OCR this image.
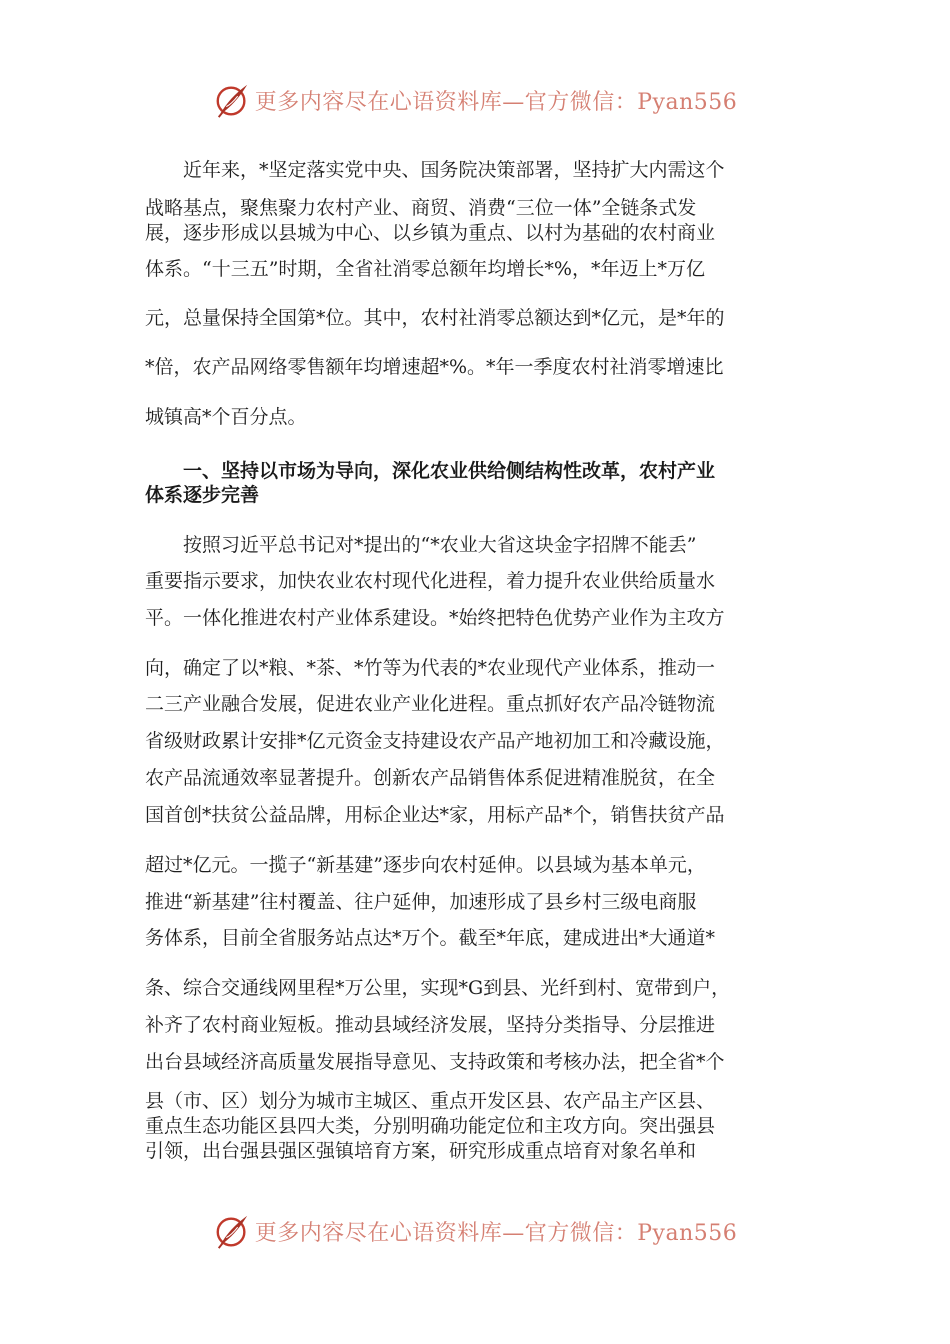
更多内容尽在心语资料库—官方微信：Pyan556
近年来，*坚定落实党中央、国务院决策部署，坚持扩大内需这个
战略基点，聚焦聚力农村产业、商贸、消费“三位一体”全链条式发
展，逐步形成以县城为中心、以乡镇为重点、以村为基础的农村商业
体系。“十三五”时期，全省社消零总额年均增长*%，*年迈上*万亿
元，总量保持全国第*位。其中，农村社消零总额达到*亿元，是*年的
*倍，农产品网络零售额年均增速超*%。*年一季度农村社消零增速比
城镇高*个百分点。
一、坚持以市场为导向，深化农业供给侧结构性改革，农村产业
体系逐步完善
按照习近平总书记对*提出的“*农业大省这块金字招牌不能丢”
重要指示要求，加快农业农村现代化进程，着力提升农业供给质量水
平。一体化推进农村产业体系建设。*始终把特色优势产业作为主攻方
向，确定了以*粮、*茶、*竹等为代表的*农业现代产业体系，推动一
二三产业融合发展，促进农业产业化进程。重点抓好农产品冷链物流
省级财政累计安排*亿元资金支持建设农产品产地初加工和冷藏设施，
农产品流通效率显著提升。创新农产品销售体系促进精准脱贫，在全
国首创*扶贫公益品牌，用标企业达*家，用标产品*个，销售扶贫产品
超过*亿元。一揽子“新基建”逐步向农村延伸。以县域为基本单元，
推进“新基建”往村覆盖、往户延伸，加速形成了县乡村三级电商服
务体系，目前全省服务站点达*万个。截至*年底，建成进出*大通道*
条、综合交通线网里程*万公里，实现*G到县、光纤到村、宽带到户，
补齐了农村商业短板。推动县域经济发展，坚持分类指导、分层推进
出台县域经济高质量发展指导意见、支持政策和考核办法，把全省*个
县（市、区）划分为城市主城区、重点开发区县、农产品主产区县、
重点生态功能区县四大类，分别明确功能定位和主攻方向。突出强县
引领，出台强县强区强镇培育方案，研究形成重点培育对象名单和
更多内容尽在心语资料库—官方微信：Pyan556
